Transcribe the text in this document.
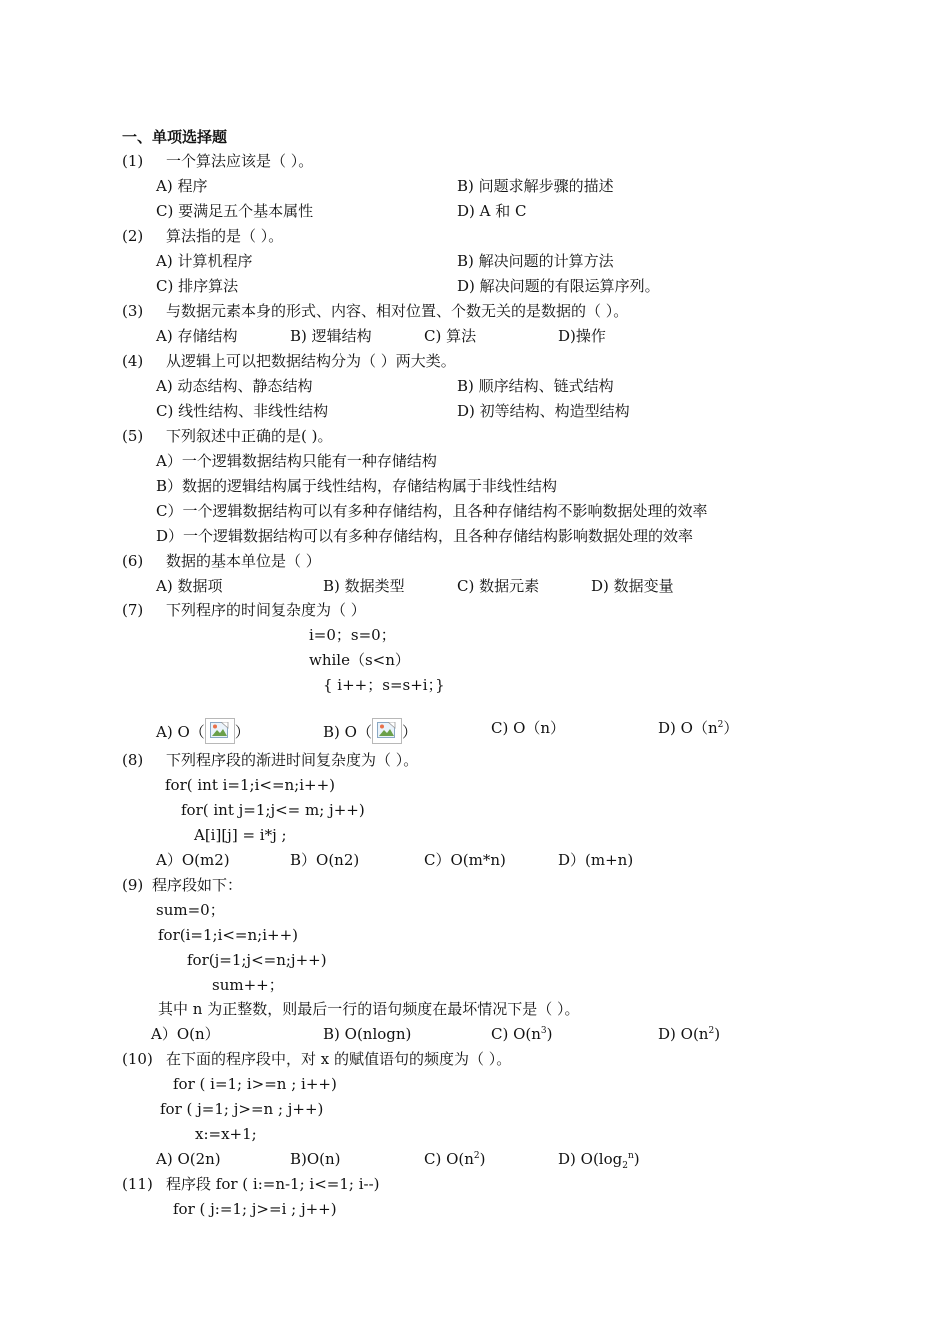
一、单项选择题
(1) 一个算法应该是（ ）。
A) 程序	B) 问题求解步骤的描述
C) 要满足五个基本属性	D) A 和 C
(2) 算法指的是（ ）。
A) 计算机程序	B) 解决问题的计算方法
C) 排序算法	D) 解决问题的有限运算序列。
(3) 与数据元素本身的形式、内容、相对位置、个数无关的是数据的（ ）。
A) 存储结构	B) 逻辑结构	C) 算法	D)操作
(4) 从逻辑上可以把数据结构分为（ ）两大类。
A) 动态结构、静态结构	B) 顺序结构、链式结构
C) 线性结构、非线性结构	D) 初等结构、构造型结构
(5) 下列叙述中正确的是( )。
A）一个逻辑数据结构只能有一种存储结构
B）数据的逻辑结构属于线性结构，存储结构属于非线性结构
C）一个逻辑数据结构可以有多种存储结构，且各种存储结构不影响数据处理的效率
D）一个逻辑数据结构可以有多种存储结构，且各种存储结构影响数据处理的效率
(6) 数据的基本单位是（ ）
A) 数据项	B) 数据类型	C) 数据元素	D) 数据变量
(7) 下列程序的时间复杂度为（ ）
i=0；s=0；
while（s<n）
{ i++；s=s+i；}
A) O（ ）	B) O（ ）	C) O（n）	D) $O(n^2)$
(8) 下列程序段的渐进时间复杂度为（ ）。
for( int i=1;i<=n;i++)
for( int j=1;j<= m; j++)
A[i][j] = i*j ;
A）O(m2)	B）O(n2)	C）O(m*n)	D）(m+n)
(9) 程序段如下：
sum=0；
for(i=1;i<=n;i++)
for(j=1;j<=n;j++)
sum++；
其中 n 为正整数，则最后一行的语句频度在最坏情况下是（ ）。
A）O(n）	B) O(nlogn)	C) $O(n^3)$	D) $O(n^2)$
(10) 在下面的程序段中，对 x 的赋值语句的频度为（ ）。
for ( i=1; i>=n ; i++)
for ( j=1; j>=n ; j++)
x:=x+1;
A) O(2n)	B)O(n)	C) $O(n^2)$	D) $O(\log_2^n)$
(11) 程序段 for ( i:=n-1; i<=1; i--)
for ( j:=1; j>=i ; j++)
